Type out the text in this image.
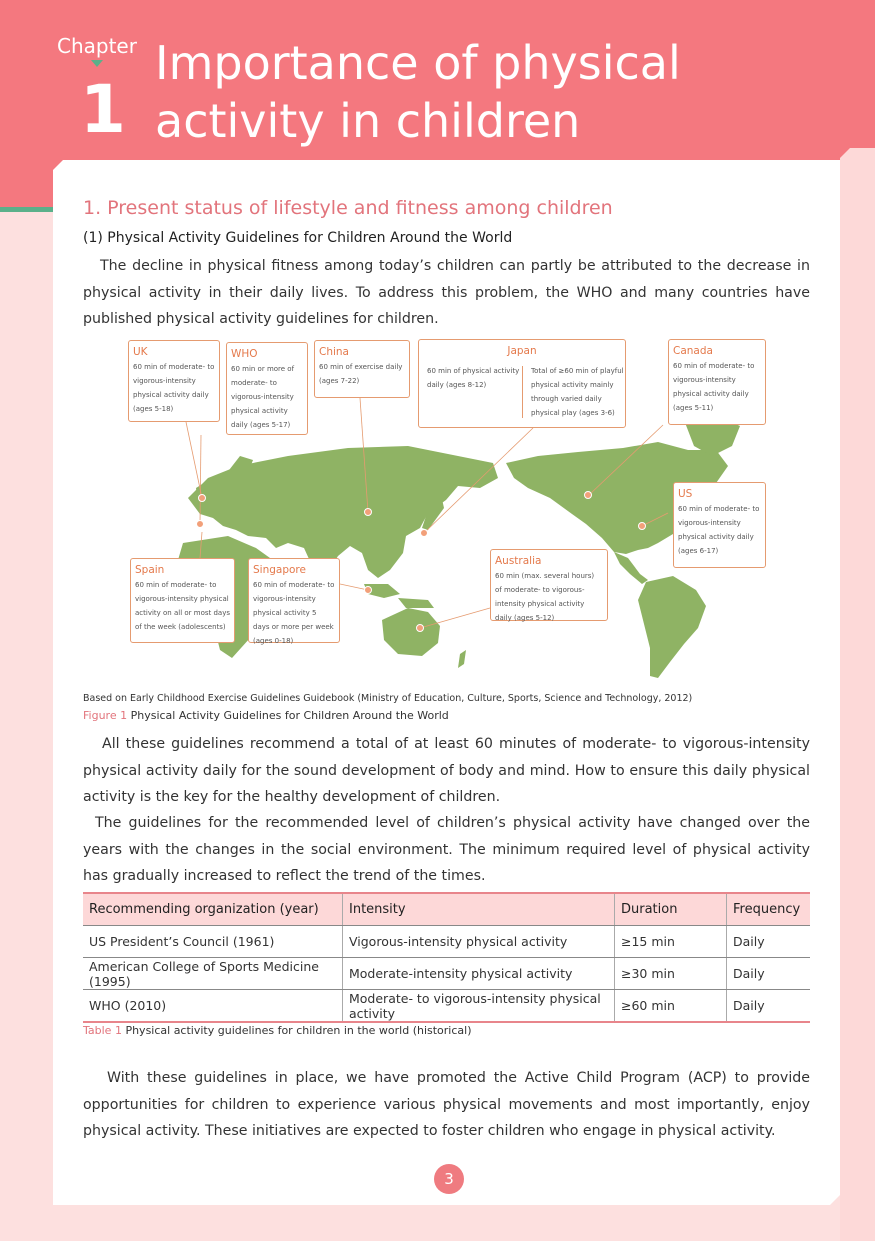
Chapter
1
Importance of physical
activity in children
1. Present status of lifestyle and fitness among children
(1) Physical Activity Guidelines for Children Around the World
The decline in physical fitness among today’s children can partly be attributed to the decrease in physical activity in their daily lives. To address this problem, the WHO and many countries have published physical activity guidelines for children.
UK
60 min of moderate- to vigorous-intensity physical activity daily (ages 5-18)
WHO
60 min or more of moderate- to vigorous-intensity physical activity daily (ages 5-17)
China
60 min of exercise daily (ages 7-22)
Japan
60 min of physical activity daily (ages 8-12)
Total of ≥60 min of playful physical activity mainly through varied daily physical play (ages 3-6)
Canada
60 min of moderate- to vigorous-intensity physical activity daily (ages 5-11)
US
60 min of moderate- to vigorous-intensity physical activity daily (ages 6-17)
Spain
60 min of moderate- to vigorous-intensity physical activity on all or most days of the week (adolescents)
Singapore
60 min of moderate- to vigorous-intensity physical activity 5 days or more per week (ages 0-18)
Australia
60 min (max. several hours) of moderate- to vigorous-intensity physical activity daily (ages 5-12)
Based on Early Childhood Exercise Guidelines Guidebook (Ministry of Education, Culture, Sports, Science and Technology, 2012)
Figure 1 Physical Activity Guidelines for Children Around the World
All these guidelines recommend a total of at least 60 minutes of moderate- to vigorous-intensity physical activity daily for the sound development of body and mind. How to ensure this daily physical activity is the key for the healthy development of children.
The guidelines for the recommended level of children’s physical activity have changed over the years with the changes in the social environment. The minimum required level of physical activity has gradually increased to reflect the trend of the times.
Recommending organization (year)	Intensity	Duration	Frequency
US President’s Council (1961)	Vigorous-intensity physical activity	≥15 min	Daily
American College of Sports Medicine (1995)	Moderate-intensity physical activity	≥30 min	Daily
WHO (2010)	Moderate- to vigorous-intensity physical activity	≥60 min	Daily
Table 1 Physical activity guidelines for children in the world (historical)
With these guidelines in place, we have promoted the Active Child Program (ACP) to provide opportunities for children to experience various physical movements and most importantly, enjoy physical activity. These initiatives are expected to foster children who engage in physical activity.
3
